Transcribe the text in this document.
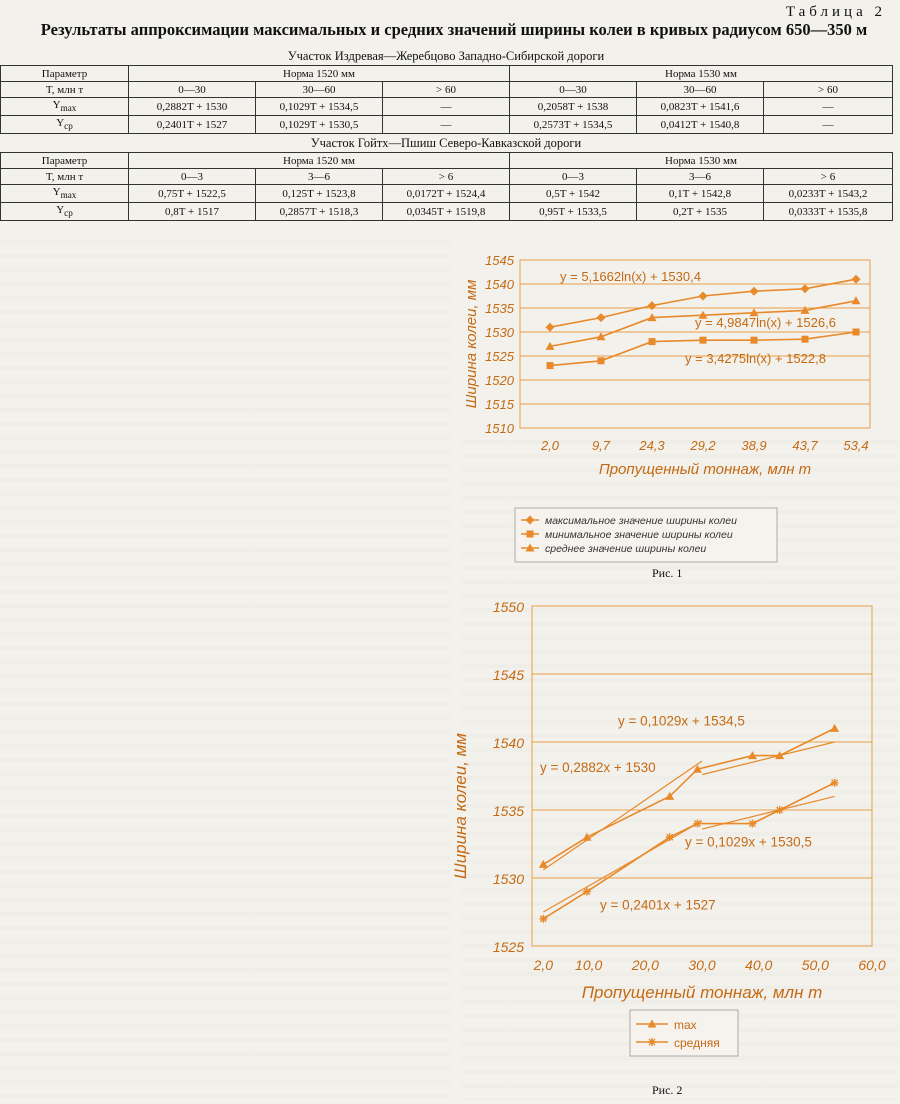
Таблица 2
Результаты аппроксимации максимальных и средних значений ширины колеи в кривых радиусом 650—350 м
Участок Издревая—Жеребцово Западно-Сибирской дороги
Параметр	Норма 1520 мм			Норма 1530 мм		
T, млн т	0—30	30—60	> 60	0—30	30—60	> 60
$Y_{max}$	0,2882T + 1530	0,1029T + 1534,5	—	0,2058T + 1538	0,0823T + 1541,6	—
$Y_{ср}$	0,2401T + 1527	0,1029T + 1530,5	—	0,2573T + 1534,5	0,0412T + 1540,8	—
Участок Гойтх—Пшиш Северо-Кавказской дороги
Параметр	Норма 1520 мм			Норма 1530 мм		
T, млн т	0—3	3—6	> 6	0—3	3—6	> 6
$Y_{max}$	0,75T + 1522,5	0,125T + 1523,8	0,0172T + 1524,4	0,5T + 1542	0,1T + 1542,8	0,0233T + 1543,2
$Y_{ср}$	0,8T + 1517	0,2857T + 1518,3	0,0345T + 1519,8	0,95T + 1533,5	0,2T + 1535	0,0333T + 1535,8
1510
1515
1520
1525
1530
1535
1540
1545
2,0	9,7 24,3 29,2 38,9 43,7 53,4
Пропущенный тоннаж, млн т
Ширина колеи, мм
y = 5,1662ln(x) + 1530,4
y = 4,9847ln(x) + 1526,6
y = 3,4275ln(x) + 1522,8
максимальное значение ширины колеи
минимальное значение ширины колеи
среднее значение ширины колеи
Рис. 1
1525
1530
1535
1540
1545
1550
2,0 10,0 20,0 30,0 40,0 50,0 60,0
Пропущенный тоннаж, млн т
Ширина колеи, мм	y = 0,2882x + 1530
y = 0,1029x + 1534,5
y = 0,2401x + 1527
y = 0,1029x + 1530,5
max
средняя
Рис. 2
